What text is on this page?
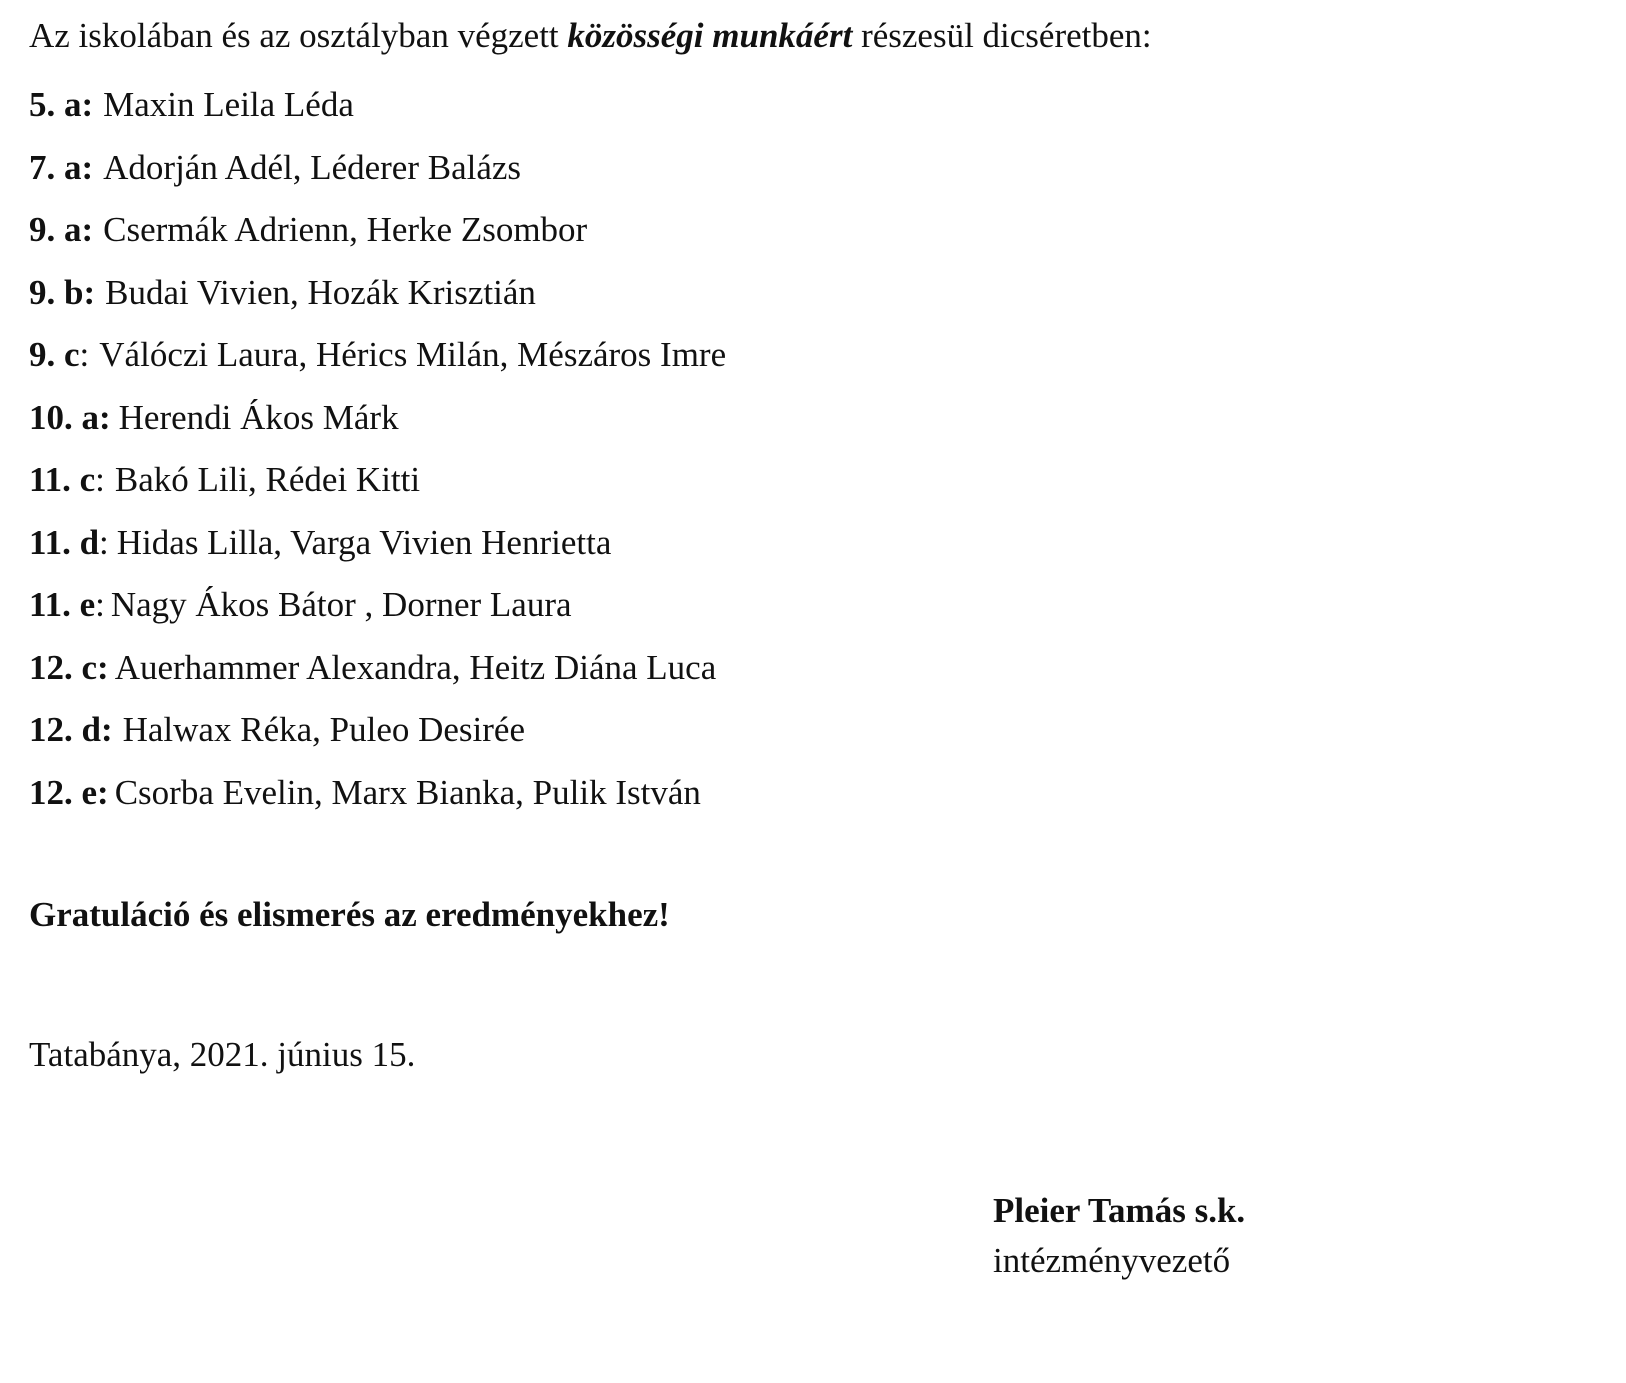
Az iskolában és az osztályban végzett közösségi munkáért részesül dicséretben:

5. a: Maxin Leila Léda
7. a: Adorján Adél, Léderer Balázs
9. a: Csermák Adrienn, Herke Zsombor
9. b: Budai Vivien, Hozák Krisztián
9. c: Válóczi Laura, Hérics Milán, Mészáros Imre
10. a: Herendi Ákos Márk
11. c: Bakó Lili, Rédei Kitti
11. d: Hidas Lilla, Varga Vivien Henrietta
11. e: Nagy Ákos Bátor , Dorner Laura
12. c: Auerhammer Alexandra, Heitz Diána Luca
12. d: Halwax Réka, Puleo Desirée
12. e: Csorba Evelin, Marx Bianka, Pulik István

Gratuláció és elismerés az eredményekhez!

Tatabánya, 2021. június 15.

Pleier Tamás s.k.
intézményvezető
